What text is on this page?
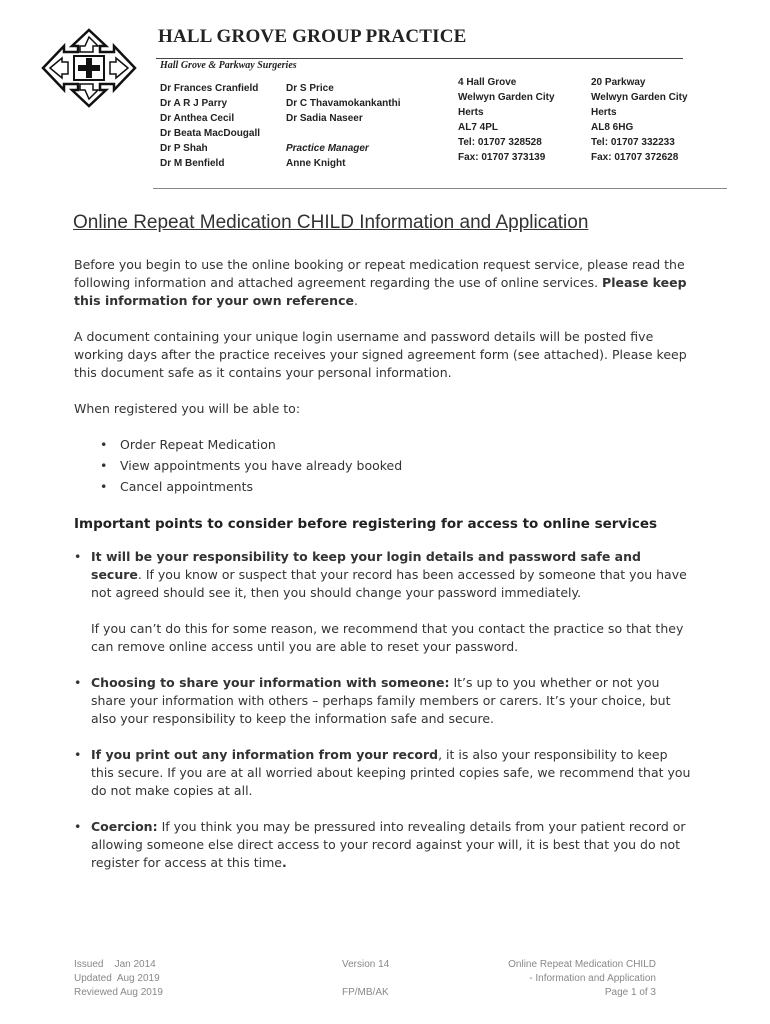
HALL GROVE GROUP PRACTICE
Hall Grove & Parkway Surgeries
Dr Frances Cranfield
Dr A R J Parry
Dr Anthea Cecil
Dr Beata MacDougall
Dr P Shah
Dr M Benfield
Dr S Price
Dr C Thavamokankanthi
Dr Sadia Naseer

Practice Manager
Anne Knight
4 Hall Grove
Welwyn Garden City
Herts
AL7 4PL
Tel: 01707 328528
Fax: 01707 373139
20 Parkway
Welwyn Garden City
Herts
AL8 6HG
Tel: 01707 332233
Fax: 01707 372628
Online Repeat Medication CHILD Information and Application
Before you begin to use the online booking or repeat medication request service, please read the following information and attached agreement regarding the use of online services. Please keep this information for your own reference.
A document containing your unique login username and password details will be posted five working days after the practice receives your signed agreement form (see attached). Please keep this document safe as it contains your personal information.
When registered you will be able to:
• Order Repeat Medication
• View appointments you have already booked
• Cancel appointments
Important points to consider before registering for access to online services
• It will be your responsibility to keep your login details and password safe and secure. If you know or suspect that your record has been accessed by someone that you have not agreed should see it, then you should change your password immediately.

If you can’t do this for some reason, we recommend that you contact the practice so that they can remove online access until you are able to reset your password.

• Choosing to share your information with someone: It’s up to you whether or not you share your information with others – perhaps family members or carers. It’s your choice, but also your responsibility to keep the information safe and secure.

• If you print out any information from your record, it is also your responsibility to keep this secure. If you are at all worried about keeping printed copies safe, we recommend that you do not make copies at all.

• Coercion: If you think you may be pressured into revealing details from your patient record or allowing someone else direct access to your record against your will, it is best that you do not register for access at this time.

Issued    Jan 2014
Updated  Aug 2019
Reviewed Aug 2019
Version 14

FP/MB/AK
Online Repeat Medication CHILD
- Information and Application
Page 1 of 3
